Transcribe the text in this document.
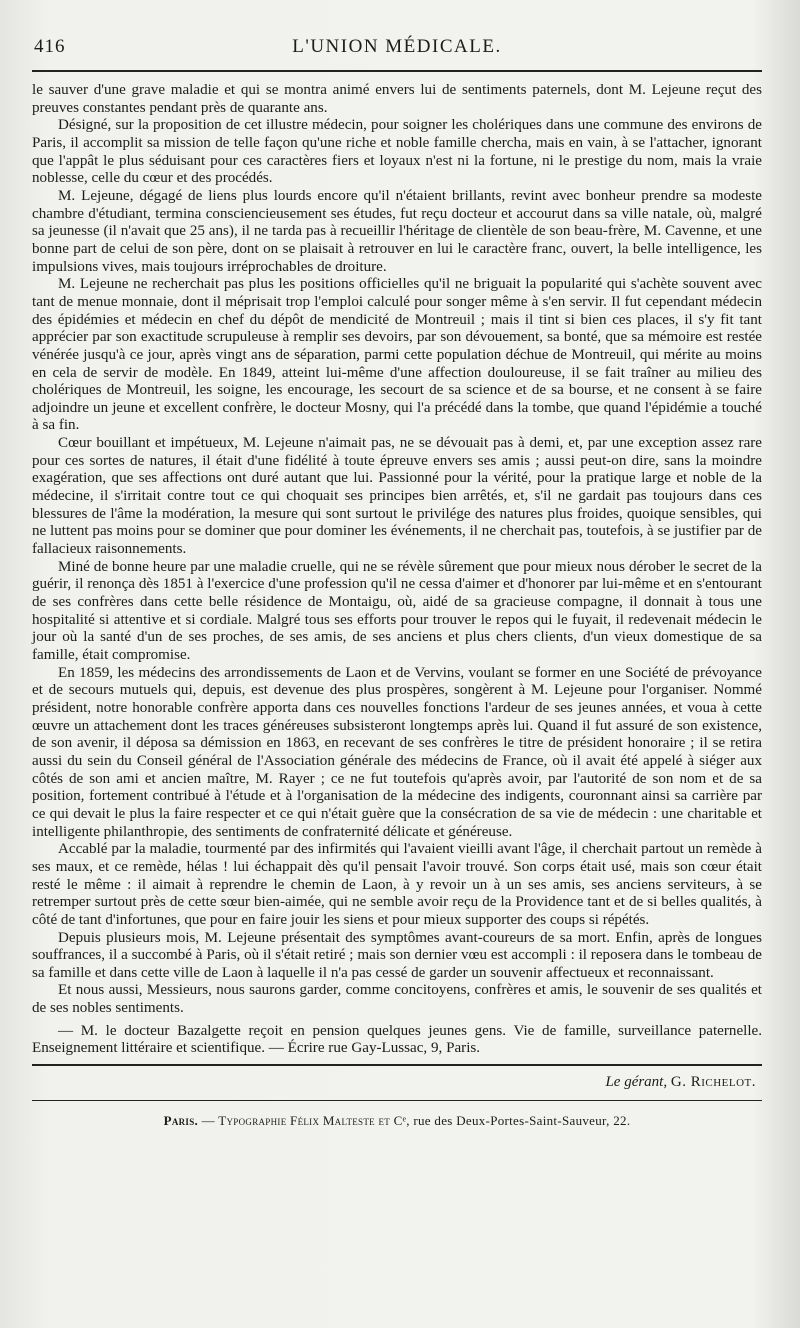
416	L'UNION MÉDICALE.

le sauver d'une grave maladie et qui se montra animé envers lui de sentiments paternels, dont M. Lejeune reçut des preuves constantes pendant près de quarante ans.

Désigné, sur la proposition de cet illustre médecin, pour soigner les cholériques dans une commune des environs de Paris, il accomplit sa mission de telle façon qu'une riche et noble famille chercha, mais en vain, à se l'attacher, ignorant que l'appât le plus séduisant pour ces caractères fiers et loyaux n'est ni la fortune, ni le prestige du nom, mais la vraie noblesse, celle du cœur et des procédés.

M. Lejeune, dégagé de liens plus lourds encore qu'il n'étaient brillants, revint avec bonheur prendre sa modeste chambre d'étudiant, termina consciencieusement ses études, fut reçu docteur et accourut dans sa ville natale, où, malgré sa jeunesse (il n'avait que 25 ans), il ne tarda pas à recueillir l'héritage de clientèle de son beau-frère, M. Cavenne, et une bonne part de celui de son père, dont on se plaisait à retrouver en lui le caractère franc, ouvert, la belle intelligence, les impulsions vives, mais toujours irréprochables de droiture.

M. Lejeune ne recherchait pas plus les positions officielles qu'il ne briguait la popularité qui s'achète souvent avec tant de menue monnaie, dont il méprisait trop l'emploi calculé pour songer même à s'en servir. Il fut cependant médecin des épidémies et médecin en chef du dépôt de mendicité de Montreuil ; mais il tint si bien ces places, il s'y fit tant apprécier par son exactitude scrupuleuse à remplir ses devoirs, par son dévouement, sa bonté, que sa mémoire est restée vénérée jusqu'à ce jour, après vingt ans de séparation, parmi cette population déchue de Montreuil, qui mérite au moins en cela de servir de modèle. En 1849, atteint lui-même d'une affection douloureuse, il se fait traîner au milieu des cholériques de Montreuil, les soigne, les encourage, les secourt de sa science et de sa bourse, et ne consent à se faire adjoindre un jeune et excellent confrère, le docteur Mosny, qui l'a précédé dans la tombe, que quand l'épidémie a touché à sa fin.

Cœur bouillant et impétueux, M. Lejeune n'aimait pas, ne se dévouait pas à demi, et, par une exception assez rare pour ces sortes de natures, il était d'une fidélité à toute épreuve envers ses amis ; aussi peut-on dire, sans la moindre exagération, que ses affections ont duré autant que lui. Passionné pour la vérité, pour la pratique large et noble de la médecine, il s'irritait contre tout ce qui choquait ses principes bien arrêtés, et, s'il ne gardait pas toujours dans ces blessures de l'âme la modération, la mesure qui sont surtout le privilége des natures plus froides, quoique sensibles, qui ne luttent pas moins pour se dominer que pour dominer les événements, il ne cherchait pas, toutefois, à se justifier par de fallacieux raisonnements.

Miné de bonne heure par une maladie cruelle, qui ne se révèle sûrement que pour mieux nous dérober le secret de la guérir, il renonça dès 1851 à l'exercice d'une profession qu'il ne cessa d'aimer et d'honorer par lui-même et en s'entourant de ses confrères dans cette belle résidence de Montaigu, où, aidé de sa gracieuse compagne, il donnait à tous une hospitalité si attentive et si cordiale. Malgré tous ses efforts pour trouver le repos qui le fuyait, il redevenait médecin le jour où la santé d'un de ses proches, de ses amis, de ses anciens et plus chers clients, d'un vieux domestique de sa famille, était compromise.

En 1859, les médecins des arrondissements de Laon et de Vervins, voulant se former en une Société de prévoyance et de secours mutuels qui, depuis, est devenue des plus prospères, songèrent à M. Lejeune pour l'organiser. Nommé président, notre honorable confrère apporta dans ces nouvelles fonctions l'ardeur de ses jeunes années, et voua à cette œuvre un attachement dont les traces généreuses subsisteront longtemps après lui. Quand il fut assuré de son existence, de son avenir, il déposa sa démission en 1863, en recevant de ses confrères le titre de président honoraire ; il se retira aussi du sein du Conseil général de l'Association générale des médecins de France, où il avait été appelé à siéger aux côtés de son ami et ancien maître, M. Rayer ; ce ne fut toutefois qu'après avoir, par l'autorité de son nom et de sa position, fortement contribué à l'étude et à l'organisation de la médecine des indigents, couronnant ainsi sa carrière par ce qui devait le plus la faire respecter et ce qui n'était guère que la consécration de sa vie de médecin : une charitable et intelligente philanthropie, des sentiments de confraternité délicate et généreuse.

Accablé par la maladie, tourmenté par des infirmités qui l'avaient vieilli avant l'âge, il cherchait partout un remède à ses maux, et ce remède, hélas ! lui échappait dès qu'il pensait l'avoir trouvé. Son corps était usé, mais son cœur était resté le même : il aimait à reprendre le chemin de Laon, à y revoir un à un ses amis, ses anciens serviteurs, à se retremper surtout près de cette sœur bien-aimée, qui ne semble avoir reçu de la Providence tant et de si belles qualités, à côté de tant d'infortunes, que pour en faire jouir les siens et pour mieux supporter des coups si répétés.

Depuis plusieurs mois, M. Lejeune présentait des symptômes avant-coureurs de sa mort. Enfin, après de longues souffrances, il a succombé à Paris, où il s'était retiré ; mais son dernier vœu est accompli : il reposera dans le tombeau de sa famille et dans cette ville de Laon à laquelle il n'a pas cessé de garder un souvenir affectueux et reconnaissant.

Et nous aussi, Messieurs, nous saurons garder, comme concitoyens, confrères et amis, le souvenir de ses qualités et de ses nobles sentiments.

— M. le docteur Bazalgette reçoit en pension quelques jeunes gens. Vie de famille, surveillance paternelle. Enseignement littéraire et scientifique. — Écrire rue Gay-Lussac, 9, Paris.
Le gérant, G. Richelot.
Paris. — Typographie Félix Malteste et Cᵉ, rue des Deux-Portes-Saint-Sauveur, 22.
